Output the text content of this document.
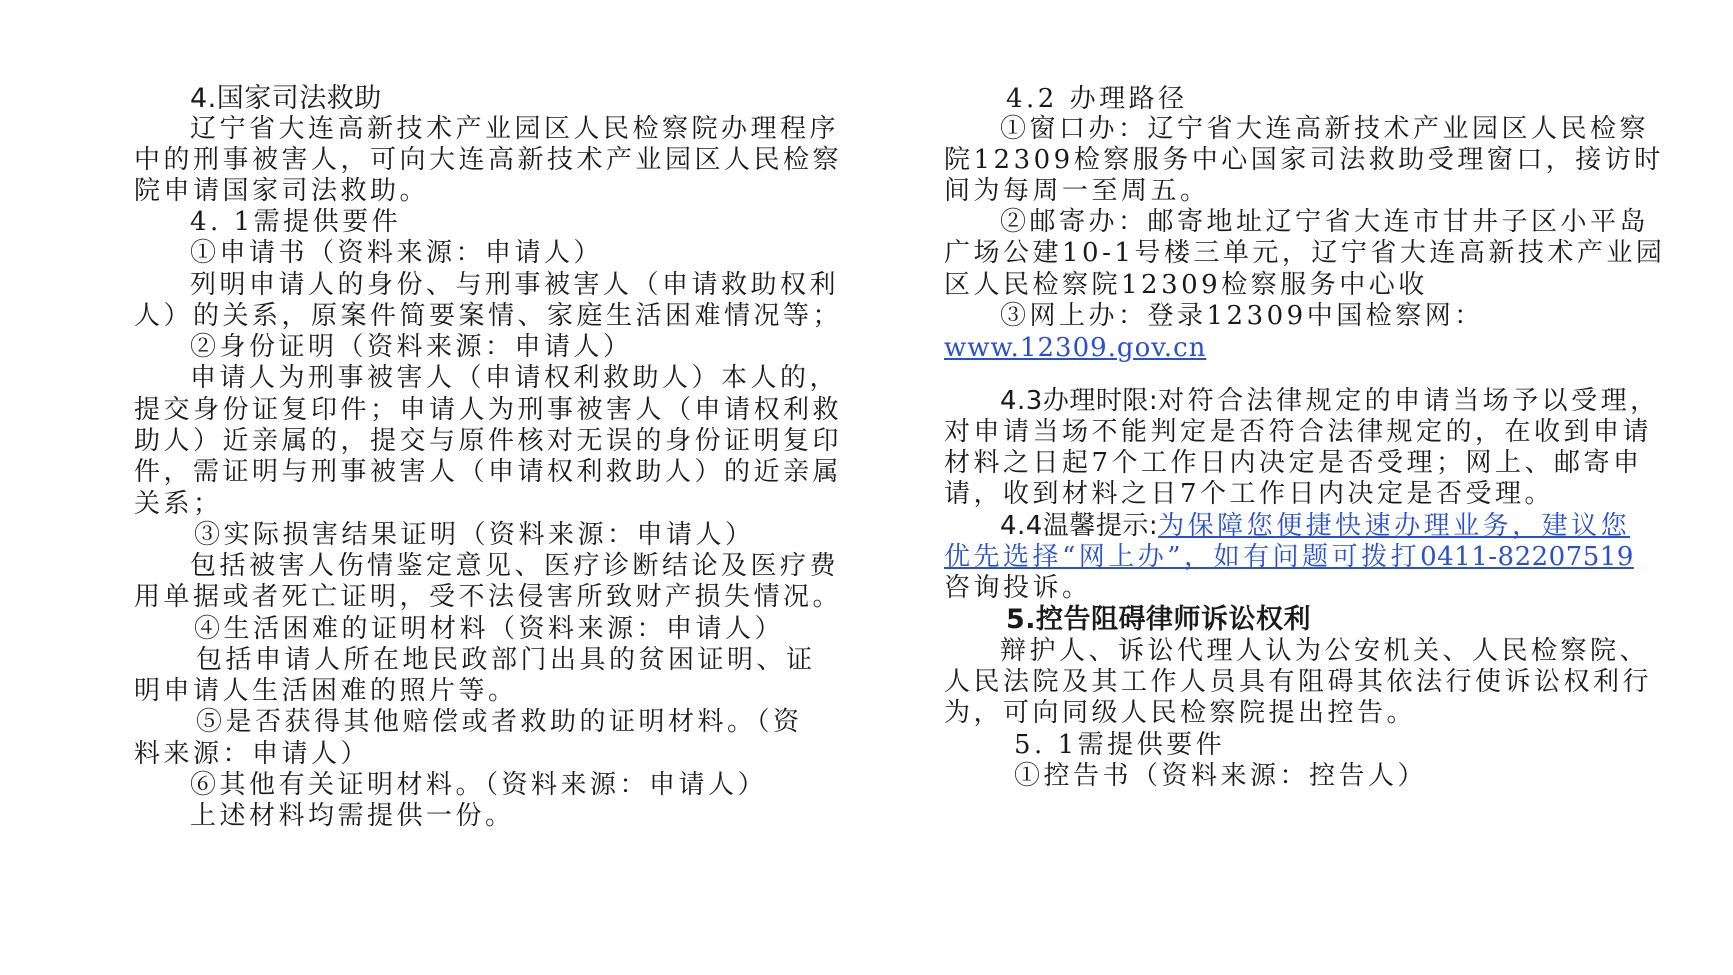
4.国家司法救助
辽宁省大连高新技术产业园区人民检察院办理程序
中的刑事被害人，可向大连高新技术产业园区人民检察
院申请国家司法救助。
4. 1需提供要件
①申请书（资料来源：申请人）
列明申请人的身份、与刑事被害人（申请救助权利
人）的关系，原案件简要案情、家庭生活困难情况等；
②身份证明（资料来源：申请人）
申请人为刑事被害人（申请权利救助人）本人的，
提交身份证复印件；申请人为刑事被害人（申请权利救
助人）近亲属的，提交与原件核对无误的身份证明复印
件，需证明与刑事被害人（申请权利救助人）的近亲属
关系；
③实际损害结果证明（资料来源：申请人）
包括被害人伤情鉴定意见、医疗诊断结论及医疗费
用单据或者死亡证明，受不法侵害所致财产损失情况。
④生活困难的证明材料（资料来源：申请人）
包括申请人所在地民政部门出具的贫困证明、证
明申请人生活困难的照片等。
⑤是否获得其他赔偿或者救助的证明材料。（资
料来源：申请人）
⑥其他有关证明材料。（资料来源：申请人）
上述材料均需提供一份。
4.2 办理路径
①窗口办：辽宁省大连高新技术产业园区人民检察
院12309检察服务中心国家司法救助受理窗口，接访时
间为每周一至周五。
②邮寄办：邮寄地址辽宁省大连市甘井子区小平岛
广场公建10-1号楼三单元，辽宁省大连高新技术产业园
区人民检察院12309检察服务中心收
③网上办：登录12309中国检察网：
www.12309.gov.cn
4.3办理时限:对符合法律规定的申请当场予以受理，
对申请当场不能判定是否符合法律规定的，在收到申请
材料之日起7个工作日内决定是否受理；网上、邮寄申
请，收到材料之日7个工作日内决定是否受理。
4.4温馨提示:为保障您便捷快速办理业务，建议您
优先选择“网上办”，如有问题可拨打0411-82207519
咨询投诉。
5.控告阻碍律师诉讼权利
辩护人、诉讼代理人认为公安机关、人民检察院、
人民法院及其工作人员具有阻碍其依法行使诉讼权利行
为，可向同级人民检察院提出控告。
5. 1需提供要件
①控告书（资料来源：控告人）
